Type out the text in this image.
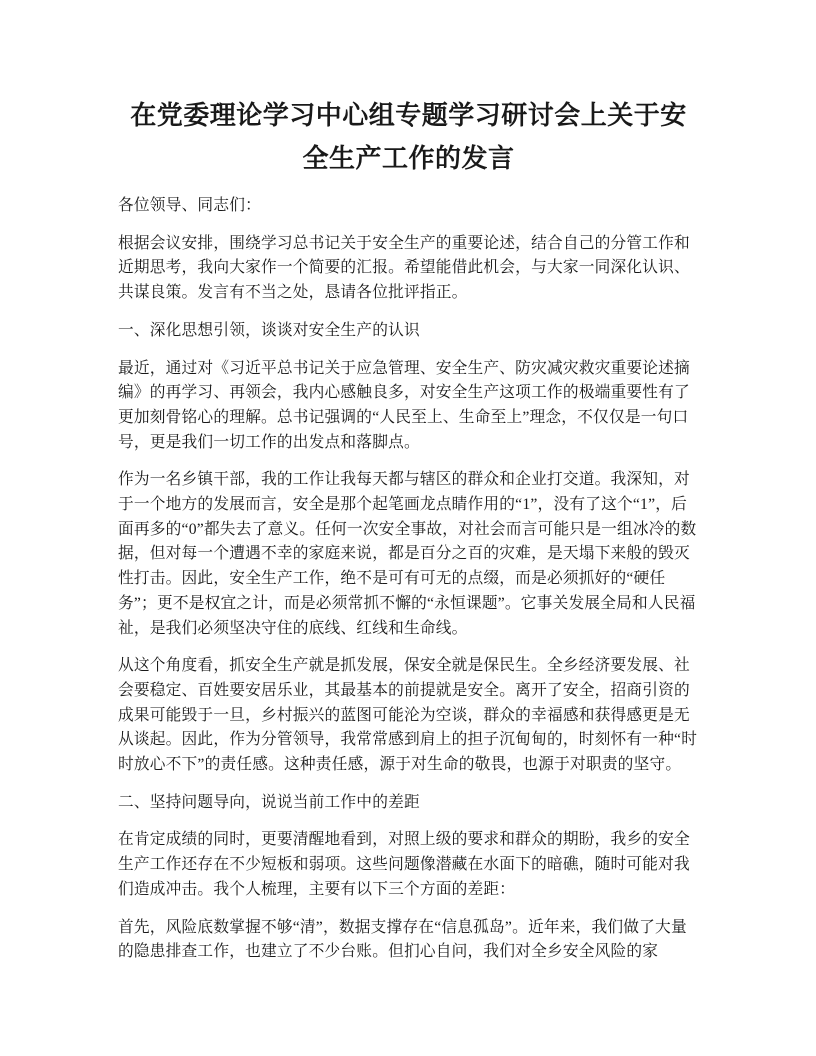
在党委理论学习中心组专题学习研讨会上关于安全生产工作的发言

各位领导、同志们：

根据会议安排，围绕学习总书记关于安全生产的重要论述，结合自己的分管工作和近期思考，我向大家作一个简要的汇报。希望能借此机会，与大家一同深化认识、共谋良策。发言有不当之处，恳请各位批评指正。

一、深化思想引领，谈谈对安全生产的认识

最近，通过对《习近平总书记关于应急管理、安全生产、防灾减灾救灾重要论述摘编》的再学习、再领会，我内心感触良多，对安全生产这项工作的极端重要性有了更加刻骨铭心的理解。总书记强调的“人民至上、生命至上”理念，不仅仅是一句口号，更是我们一切工作的出发点和落脚点。

作为一名乡镇干部，我的工作让我每天都与辖区的群众和企业打交道。我深知，对于一个地方的发展而言，安全是那个起笔画龙点睛作用的“1”，没有了这个“1”，后面再多的“0”都失去了意义。任何一次安全事故，对社会而言可能只是一组冰冷的数据，但对每一个遭遇不幸的家庭来说，都是百分之百的灾难，是天塌下来般的毁灭性打击。因此，安全生产工作，绝不是可有可无的点缀，而是必须抓好的“硬任务”；更不是权宜之计，而是必须常抓不懈的“永恒课题”。它事关发展全局和人民福祉，是我们必须坚决守住的底线、红线和生命线。

从这个角度看，抓安全生产就是抓发展，保安全就是保民生。全乡经济要发展、社会要稳定、百姓要安居乐业，其最基本的前提就是安全。离开了安全，招商引资的成果可能毁于一旦，乡村振兴的蓝图可能沦为空谈，群众的幸福感和获得感更是无从谈起。因此，作为分管领导，我常常感到肩上的担子沉甸甸的，时刻怀有一种“时时放心不下”的责任感。这种责任感，源于对生命的敬畏，也源于对职责的坚守。

二、坚持问题导向，说说当前工作中的差距

在肯定成绩的同时，更要清醒地看到，对照上级的要求和群众的期盼，我乡的安全生产工作还存在不少短板和弱项。这些问题像潜藏在水面下的暗礁，随时可能对我们造成冲击。我个人梳理，主要有以下三个方面的差距：

首先，风险底数掌握不够“清”，数据支撑存在“信息孤岛”。近年来，我们做了大量的隐患排查工作，也建立了不少台账。但扪心自问，我们对全乡安全风险的家
